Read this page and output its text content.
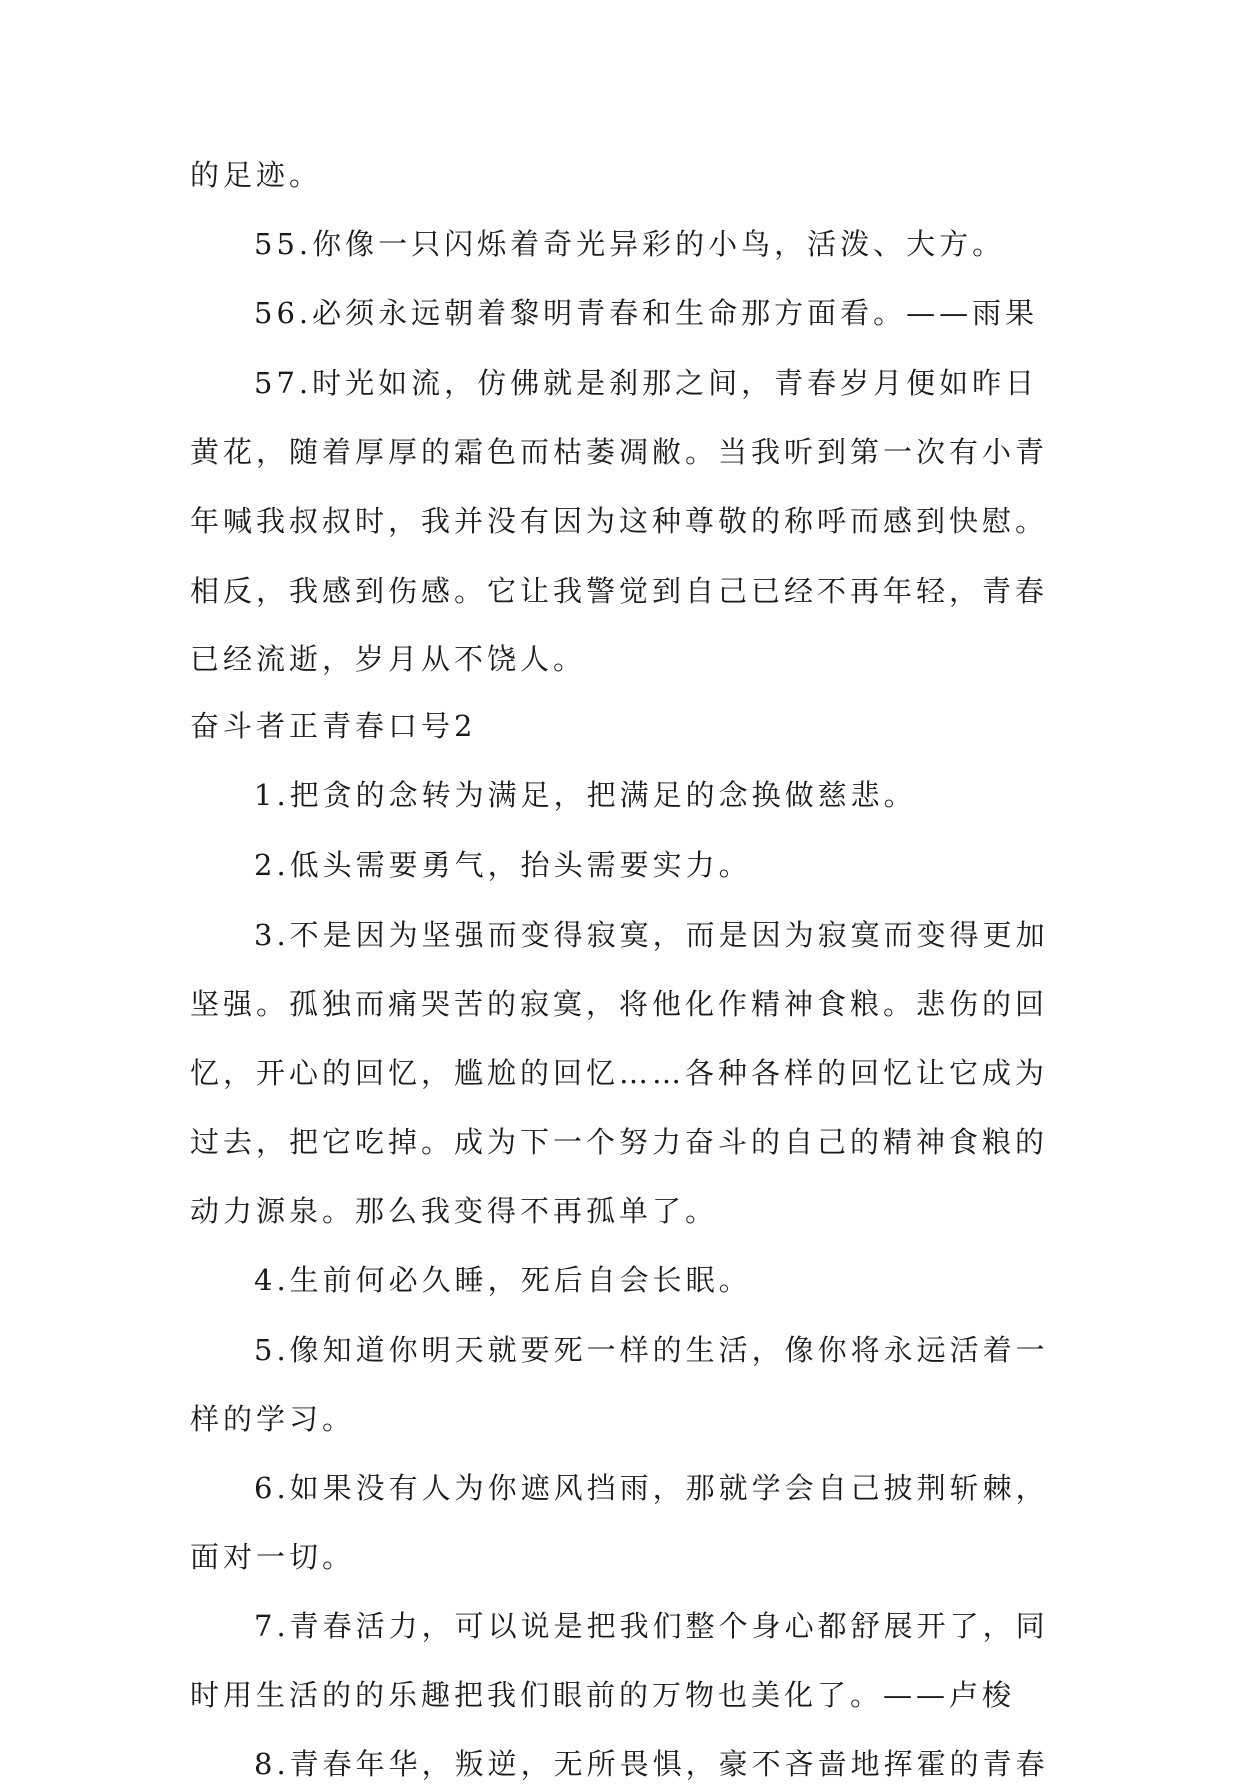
的足迹。
55.你像一只闪烁着奇光异彩的小鸟，活泼、大方。
56.必须永远朝着黎明青春和生命那方面看。——雨果
57.时光如流，仿佛就是刹那之间，青春岁月便如昨日
黄花，随着厚厚的霜色而枯萎凋敝。当我听到第一次有小青
年喊我叔叔时，我并没有因为这种尊敬的称呼而感到快慰。
相反，我感到伤感。它让我警觉到自己已经不再年轻，青春
已经流逝，岁月从不饶人。
奋斗者正青春口号2
1.把贪的念转为满足，把满足的念换做慈悲。
2.低头需要勇气，抬头需要实力。
3.不是因为坚强而变得寂寞，而是因为寂寞而变得更加
坚强。孤独而痛哭苦的寂寞，将他化作精神食粮。悲伤的回
忆，开心的回忆，尴尬的回忆……各种各样的回忆让它成为
过去，把它吃掉。成为下一个努力奋斗的自己的精神食粮的
动力源泉。那么我变得不再孤单了。
4.生前何必久睡，死后自会长眠。
5.像知道你明天就要死一样的生活，像你将永远活着一
样的学习。
6.如果没有人为你遮风挡雨，那就学会自己披荆斩棘，
面对一切。
7.青春活力，可以说是把我们整个身心都舒展开了，同
时用生活的的乐趣把我们眼前的万物也美化了。——卢梭
8.青春年华，叛逆，无所畏惧，豪不吝啬地挥霍的青春
